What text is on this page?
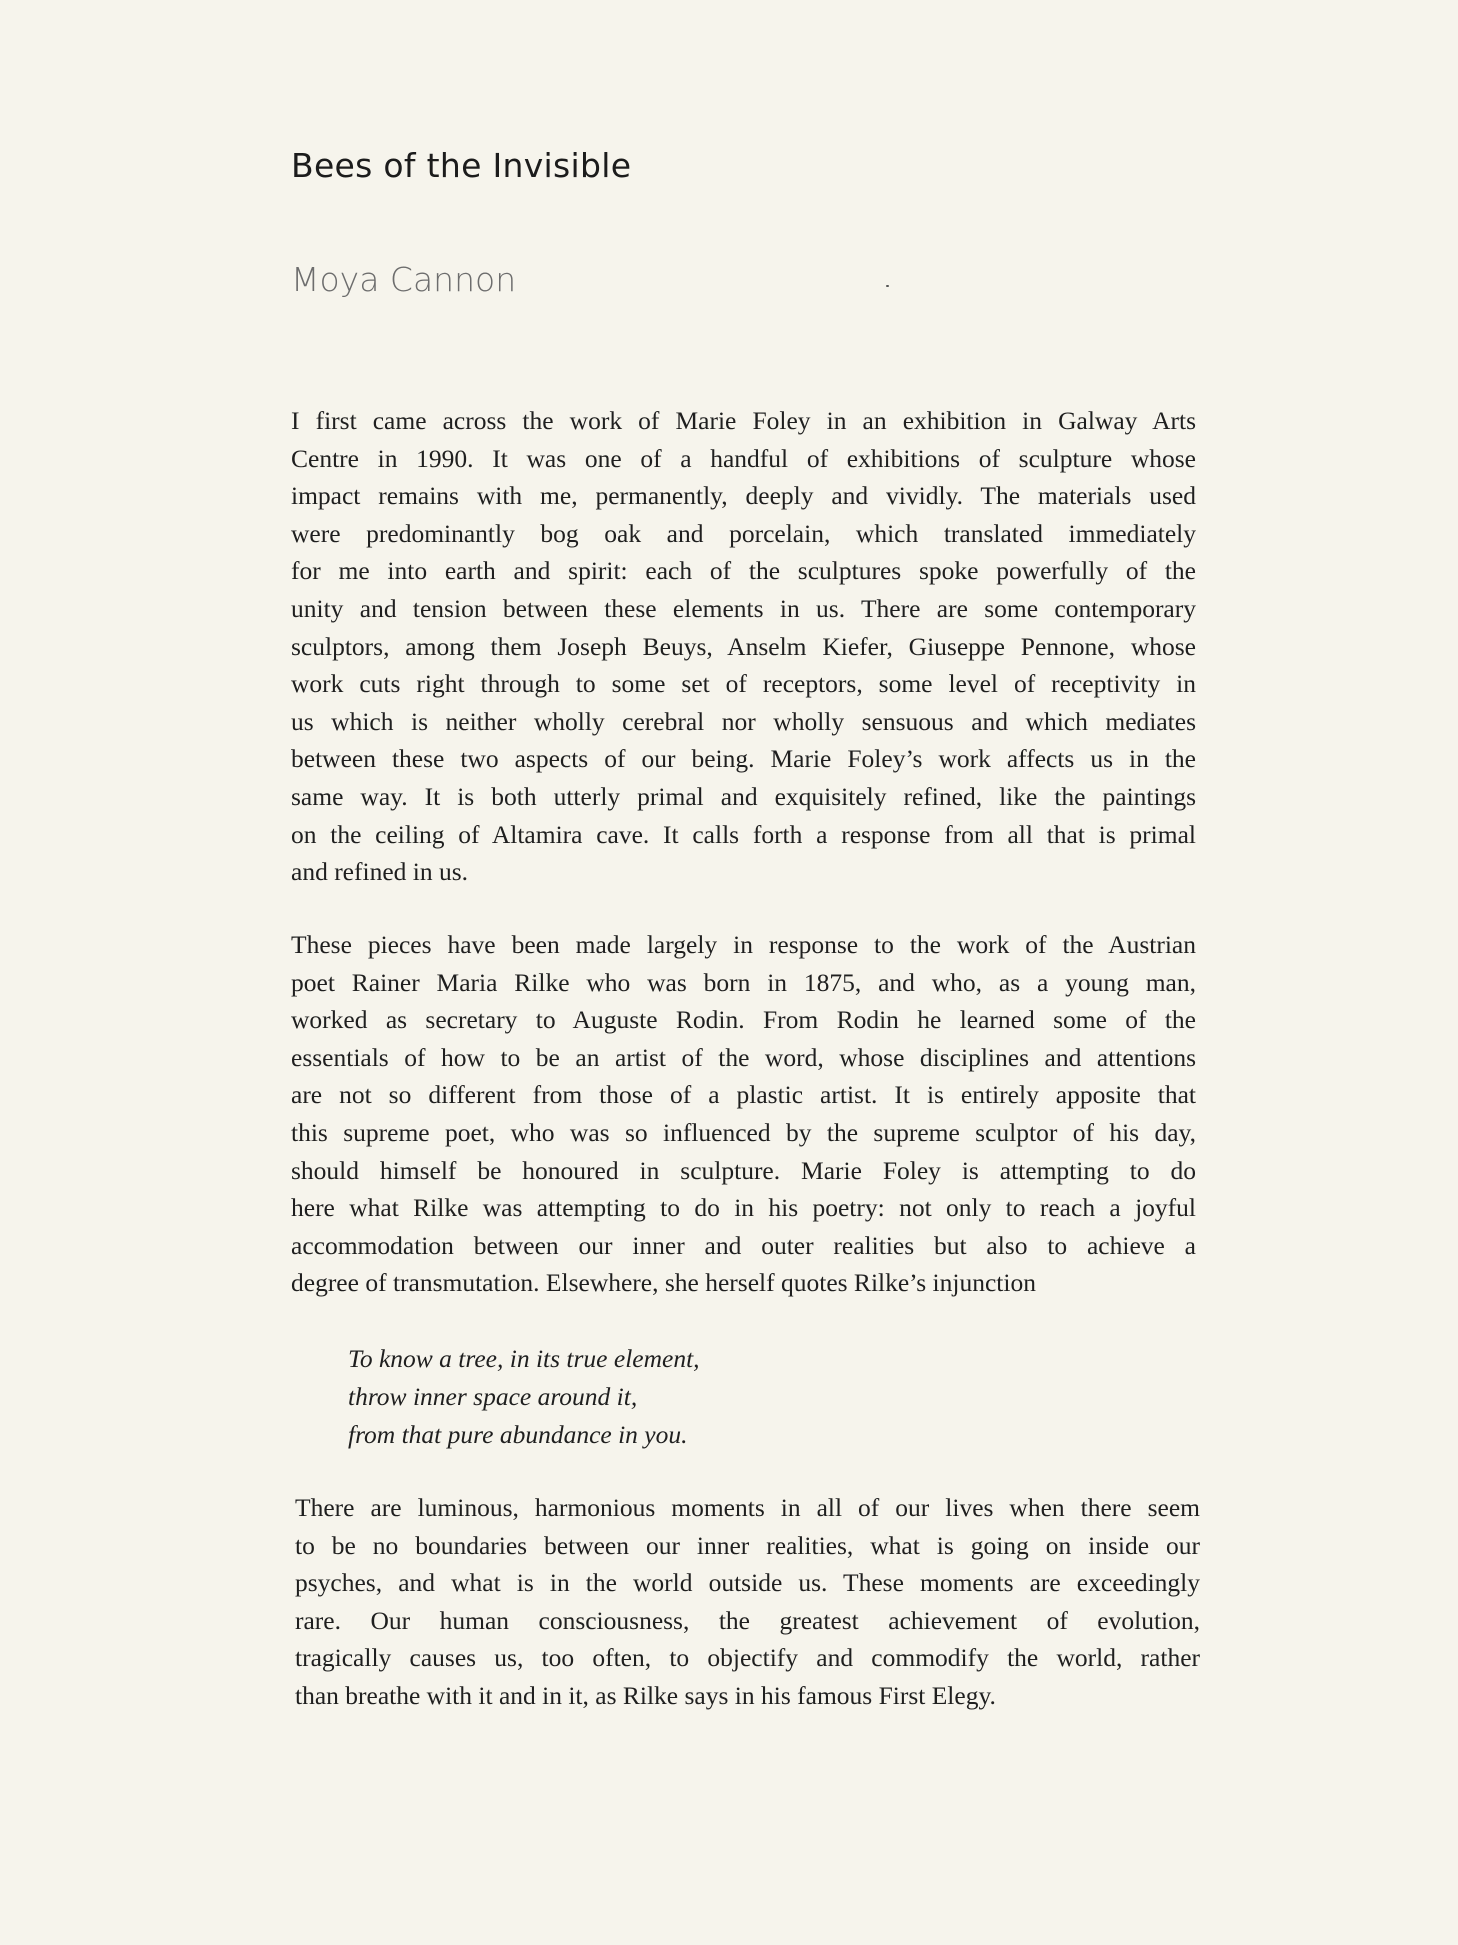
Bees of the Invisible
Moya Cannon
I first came across the work of Marie Foley in an exhibition in Galway Arts
Centre in 1990. It was one of a handful of exhibitions of sculpture whose
impact remains with me, permanently, deeply and vividly. The materials used
were predominantly bog oak and porcelain, which translated immediately
for me into earth and spirit: each of the sculptures spoke powerfully of the
unity and tension between these elements in us. There are some contemporary
sculptors, among them Joseph Beuys, Anselm Kiefer, Giuseppe Pennone, whose
work cuts right through to some set of receptors, some level of receptivity in
us which is neither wholly cerebral nor wholly sensuous and which mediates
between these two aspects of our being. Marie Foley’s work affects us in the
same way. It is both utterly primal and exquisitely refined, like the paintings
on the ceiling of Altamira cave. It calls forth a response from all that is primal
and refined in us.
These pieces have been made largely in response to the work of the Austrian
poet Rainer Maria Rilke who was born in 1875, and who, as a young man,
worked as secretary to Auguste Rodin. From Rodin he learned some of the
essentials of how to be an artist of the word, whose disciplines and attentions
are not so different from those of a plastic artist. It is entirely apposite that
this supreme poet, who was so influenced by the supreme sculptor of his day,
should himself be honoured in sculpture. Marie Foley is attempting to do
here what Rilke was attempting to do in his poetry: not only to reach a joyful
accommodation between our inner and outer realities but also to achieve a
degree of transmutation. Elsewhere, she herself quotes Rilke’s injunction
To know a tree, in its true element,
throw inner space around it,
from that pure abundance in you.
There are luminous, harmonious moments in all of our lives when there seem
to be no boundaries between our inner realities, what is going on inside our
psyches, and what is in the world outside us. These moments are exceedingly
rare. Our human consciousness, the greatest achievement of evolution,
tragically causes us, too often, to objectify and commodify the world, rather
than breathe with it and in it, as Rilke says in his famous First Elegy.
